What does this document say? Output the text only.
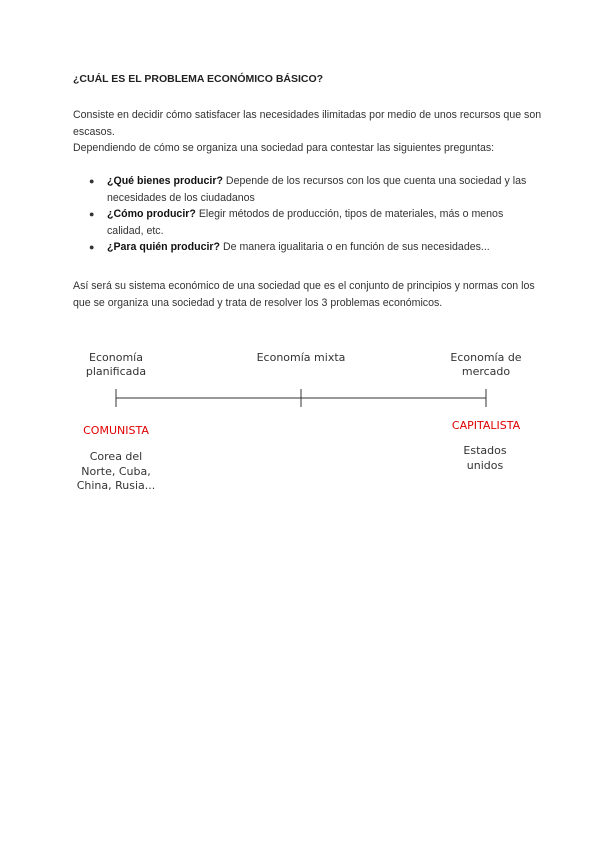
¿CUÁL ES EL PROBLEMA ECONÓMICO BÁSICO?
Consiste en decidir cómo satisfacer las necesidades ilimitadas por medio de unos recursos que son escasos.
Dependiendo de cómo se organiza una sociedad para contestar las siguientes preguntas:
● ¿Qué bienes producir? Depende de los recursos con los que cuenta una sociedad y las necesidades de los ciudadanos
● ¿Cómo producir? Elegir métodos de producción, tipos de materiales, más o menos calidad, etc.
● ¿Para quién producir? De manera igualitaria o en función de sus necesidades...
Así será su sistema económico de una sociedad que es el conjunto de principios y normas con los que se organiza una sociedad y trata de resolver los 3 problemas económicos.
Economía planificada
Economía mixta	Economía de mercado
COMUNISTA	CAPITALISTA
Corea del Norte, Cuba, China, Rusia...
Estados unidos
